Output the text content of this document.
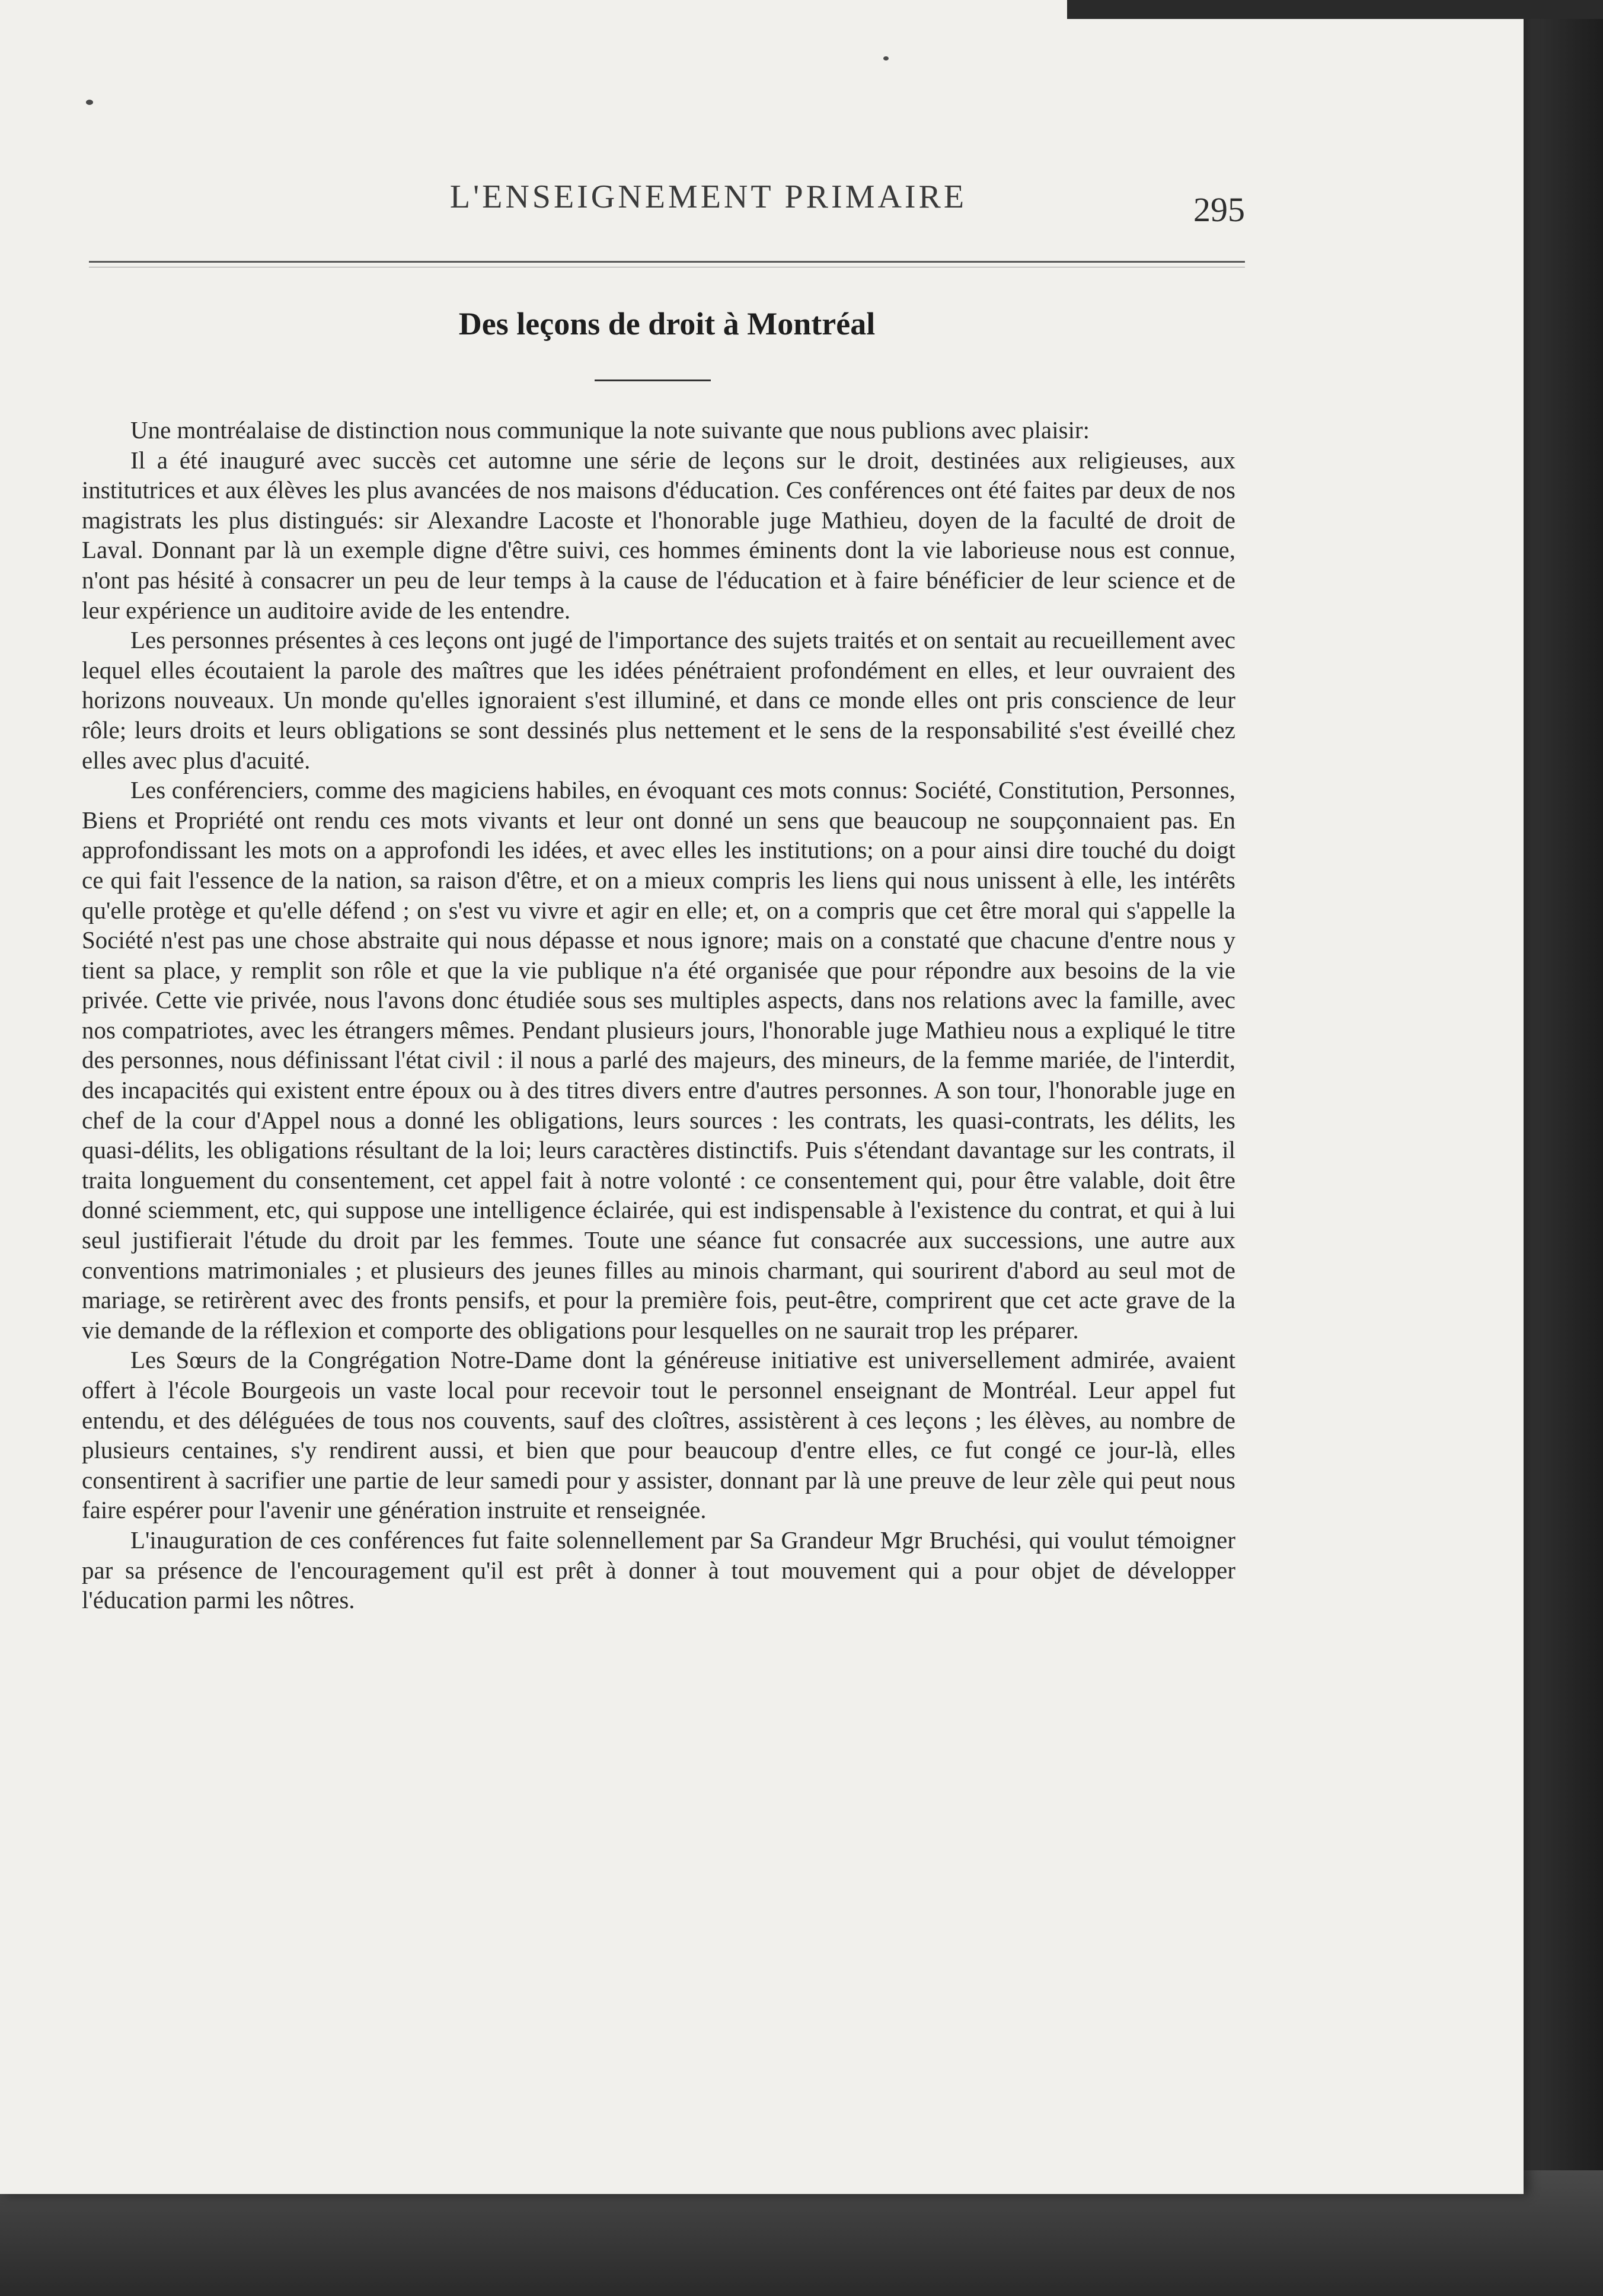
L'ENSEIGNEMENT PRIMAIRE	295
Des leçons de droit à Montréal

Une montréalaise de distinction nous communique la note suivante que nous publions avec plaisir:

Il a été inauguré avec succès cet automne une série de leçons sur le droit, destinées aux religieuses, aux institutrices et aux élèves les plus avancées de nos maisons d'éducation. Ces conférences ont été faites par deux de nos magistrats les plus distingués: sir Alexandre Lacoste et l'honorable juge Mathieu, doyen de la faculté de droit de Laval. Donnant par là un exemple digne d'être suivi, ces hommes éminents dont la vie laborieuse nous est connue, n'ont pas hésité à consacrer un peu de leur temps à la cause de l'éducation et à faire bénéficier de leur science et de leur expérience un auditoire avide de les entendre.

Les personnes présentes à ces leçons ont jugé de l'importance des sujets traités et on sentait au recueillement avec lequel elles écoutaient la parole des maîtres que les idées pénétraient profondément en elles, et leur ouvraient des horizons nouveaux. Un monde qu'elles ignoraient s'est illuminé, et dans ce monde elles ont pris conscience de leur rôle; leurs droits et leurs obligations se sont dessinés plus nettement et le sens de la responsabilité s'est éveillé chez elles avec plus d'acuité.

Les conférenciers, comme des magiciens habiles, en évoquant ces mots connus: Société, Constitution, Personnes, Biens et Propriété ont rendu ces mots vivants et leur ont donné un sens que beaucoup ne soupçonnaient pas. En approfondissant les mots on a approfondi les idées, et avec elles les institutions; on a pour ainsi dire touché du doigt ce qui fait l'essence de la nation, sa raison d'être, et on a mieux compris les liens qui nous unissent à elle, les intérêts qu'elle protège et qu'elle défend ; on s'est vu vivre et agir en elle; et, on a compris que cet être moral qui s'appelle la Société n'est pas une chose abstraite qui nous dépasse et nous ignore; mais on a constaté que chacune d'entre nous y tient sa place, y remplit son rôle et que la vie publique n'a été organisée que pour répondre aux besoins de la vie privée. Cette vie privée, nous l'avons donc étudiée sous ses multiples aspects, dans nos relations avec la famille, avec nos compatriotes, avec les étrangers mêmes. Pendant plusieurs jours, l'honorable juge Mathieu nous a expliqué le titre des personnes, nous définissant l'état civil : il nous a parlé des majeurs, des mineurs, de la femme mariée, de l'interdit, des incapacités qui existent entre époux ou à des titres divers entre d'autres personnes. A son tour, l'honorable juge en chef de la cour d'Appel nous a donné les obligations, leurs sources : les contrats, les quasi-contrats, les délits, les quasi-délits, les obligations résultant de la loi; leurs caractères distinctifs. Puis s'étendant davantage sur les contrats, il traita longuement du consentement, cet appel fait à notre volonté : ce consentement qui, pour être valable, doit être donné sciemment, etc, qui suppose une intelligence éclairée, qui est indispensable à l'existence du contrat, et qui à lui seul justifierait l'étude du droit par les femmes. Toute une séance fut consacrée aux successions, une autre aux conventions matrimoniales ; et plusieurs des jeunes filles au minois charmant, qui sourirent d'abord au seul mot de mariage, se retirèrent avec des fronts pensifs, et pour la première fois, peut-être, comprirent que cet acte grave de la vie demande de la réflexion et comporte des obligations pour lesquelles on ne saurait trop les préparer.

Les Sœurs de la Congrégation Notre-Dame dont la généreuse initiative est universellement admirée, avaient offert à l'école Bourgeois un vaste local pour recevoir tout le personnel enseignant de Montréal. Leur appel fut entendu, et des déléguées de tous nos couvents, sauf des cloîtres, assistèrent à ces leçons ; les élèves, au nombre de plusieurs centaines, s'y rendirent aussi, et bien que pour beaucoup d'entre elles, ce fut congé ce jour-là, elles consentirent à sacrifier une partie de leur samedi pour y assister, donnant par là une preuve de leur zèle qui peut nous faire espérer pour l'avenir une génération instruite et renseignée.

L'inauguration de ces conférences fut faite solennellement par Sa Grandeur Mgr Bruchési, qui voulut témoigner par sa présence de l'encouragement qu'il est prêt à donner à tout mouvement qui a pour objet de développer l'éducation parmi les nôtres.
